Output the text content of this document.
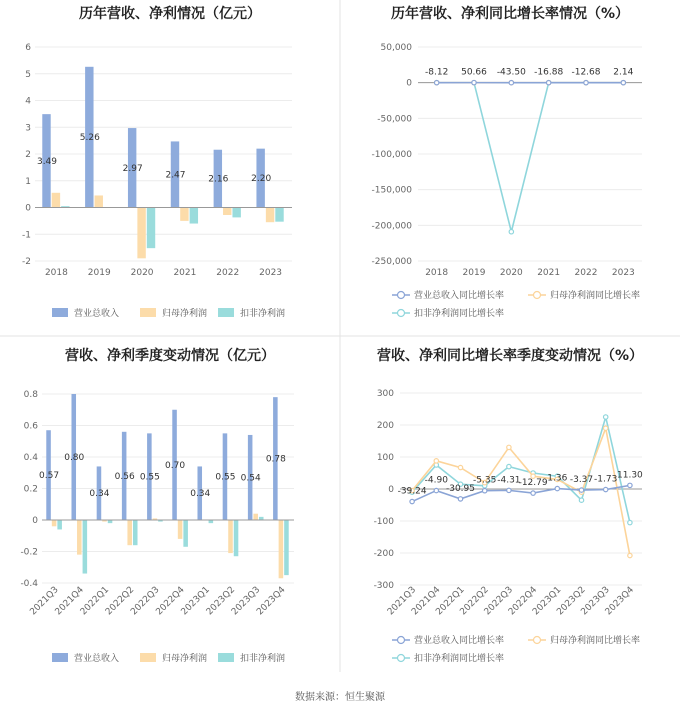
历年营收、净利情况（亿元）
-2
-1
0
1
2
3
4
5
6
2018
3.49
2019
5.26
2020
2.97
2021
2.47
2022
2.16
2023
2.20
营业总收入	归母净利润	扣非净利润
历年营收、净利同比增长率情况（%）
-250,000
-200,000
-150,000
-100,000
-50,000
0
50,000
2018 2019 2020 2021 2022 2023
-8.12 50.66 -43.50 -16.88 -12.68 2.14
营业总收入同比增长率	归母净利润同比增长率
扣非净利润同比增长率
营收、净利季度变动情况（亿元）
-0.4
-0.2
0
0.2
0.4
0.6
0.8
2021Q3
0.57
2021Q4
0.80
2022Q1
0.34
2022Q2
0.56
2022Q3
0.55
2022Q4
0.70
2023Q1
0.34
2023Q2
0.55
2023Q3
0.54
2023Q4
0.78
营业总收入	归母净利润	扣非净利润
营收、净利同比增长率季度变动情况（%）
-300
-200
-100
0
100
200
300
2021Q3
2021Q4
2022Q1
2022Q2
2022Q3
2022Q4
2023Q1
2023Q2
2023Q3
2023Q4
-39.24
-4.90
-30.95
-5.35 -4.31
-12.79 1.36 -3.37 -1.73 11.30
营业总收入同比增长率	归母净利润同比增长率
扣非净利润同比增长率
数据来源：恒生聚源
